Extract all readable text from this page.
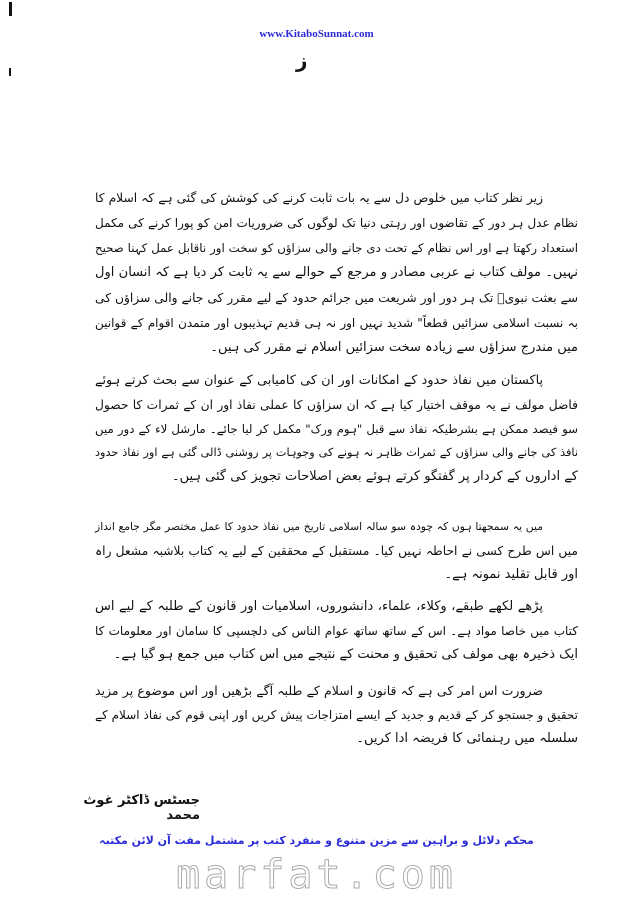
www.KitaboSunnat.com
ز
زیر نظر کتاب میں خلوص دل سے یہ بات ثابت کرنے کی کوشش کی گئی ہے کہ اسلام کا
نظام عدل ہر دور کے تقاضوں اور رہتی دنیا تک لوگوں کی ضروریات امن کو پورا کرنے کی مکمل
استعداد رکھتا ہے اور اس نظام کے تحت دی جانے والی سزاؤں کو سخت اور ناقابل عمل کہنا صحیح
نہیں۔ مولف کتاب نے عربی مصادر و مرجع کے حوالے سے یہ ثابت کر دیا ہے کہ انسان اول
سے بعثت نبویؐ تک ہر دور اور شریعت میں جرائم حدود کے لیے مقرر کی جانے والی سزاؤں کی
بہ نسبت اسلامی سزائیں قطعاً" شدید نہیں اور نہ ہی قدیم تہذیبوں اور متمدن اقوام کے قوانین
میں مندرج سزاؤں سے زیادہ سخت سزائیں اسلام نے مقرر کی ہیں۔
پاکستان میں نفاذ حدود کے امکانات اور ان کی کامیابی کے عنوان سے بحث کرتے ہوئے
فاضل مولف نے یہ موقف اختیار کیا ہے کہ ان سزاؤں کا عملی نفاذ اور ان کے ثمرات کا حصول
سو فیصد ممکن ہے بشرطیکہ نفاذ سے قبل "ہوم ورک" مکمل کر لیا جائے۔ مارشل لاء کے دور میں
نافذ کی جانے والی سزاؤں کے ثمرات ظاہر نہ ہونے کی وجوہات پر روشنی ڈالی گئی ہے اور نفاذ حدود
کے اداروں کے کردار پر گفتگو کرتے ہوئے بعض اصلاحات تجویز کی گئی ہیں۔
میں یہ سمجھتا ہوں کہ چودہ سو سالہ اسلامی تاریخ میں نفاذ حدود کا عمل مختصر مگر جامع انداز
میں اس طرح کسی نے احاطہ نہیں کیا۔ مستقبل کے محققین کے لیے یہ کتاب بلاشبہ مشعل راہ
اور قابل تقلید نمونہ ہے۔
پڑھے لکھے طبقے، وکلاء، علماء، دانشوروں، اسلامیات اور قانون کے طلبہ کے لیے اس
کتاب میں خاصا مواد ہے۔ اس کے ساتھ ساتھ عوام الناس کی دلچسپی کا سامان اور معلومات کا
ایک ذخیرہ بھی مولف کی تحقیق و محنت کے نتیجے میں اس کتاب میں جمع ہو گیا ہے۔
ضرورت اس امر کی ہے کہ قانون و اسلام کے طلبہ آگے بڑھیں اور اس موضوع پر مزید
تحقیق و جستجو کر کے قدیم و جدید کے ایسے امتزاجات پیش کریں اور اپنی قوم کی نفاذ اسلام کے
سلسلہ میں رہنمائی کا فریضہ ادا کریں۔
جسٹس ڈاکٹر غوث محمد
محکم دلائل و براہین سے مزین متنوع و منفرد کتب پر مشتمل مفت آن لائن مکتبہ
marfat.com
